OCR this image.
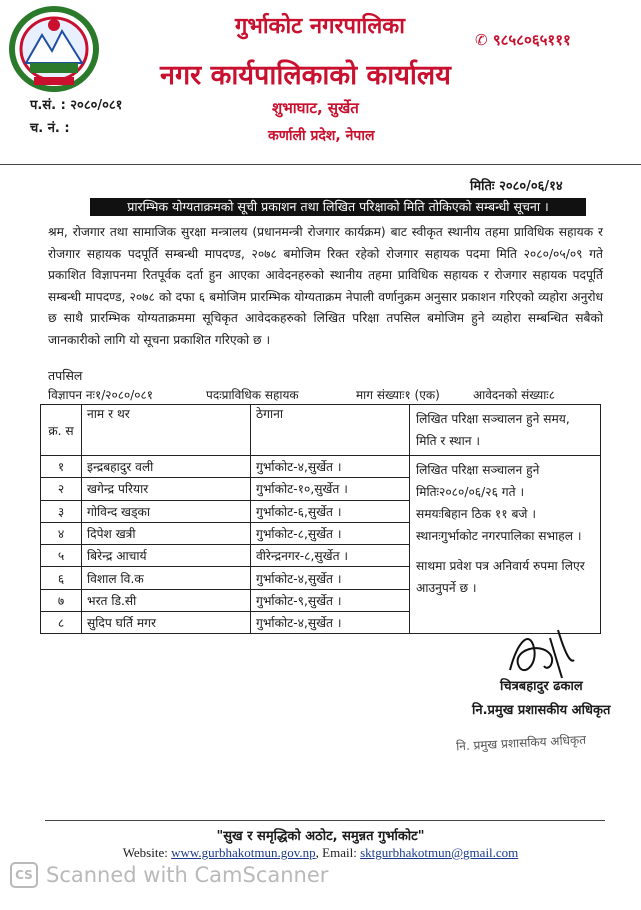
गुर्भाकोट नगरपालिका
नगर कार्यपालिकाको कार्यालय
✆ ९८५८०६५१११
शुभाघाट, सुर्खेत
कर्णाली प्रदेश, नेपाल
प.सं. : २०८०/०८१
च. नं. :
मितिः २०८०/०६/१४
प्रारम्भिक योग्यताक्रमको सूची प्रकाशन तथा लिखित परिक्षाको मिति तोकिएको सम्बन्धी सूचना ।
श्रम, रोजगार तथा सामाजिक सुरक्षा मन्त्रालय (प्रधानमन्त्री रोजगार कार्यक्रम) बाट स्वीकृत स्थानीय तहमा प्राविधिक सहायक र रोजगार सहायक पदपूर्ति सम्बन्धी मापदण्ड, २०७८ बमोजिम रिक्त रहेको रोजगार सहायक पदमा मिति २०८०/०५/०९ गते प्रकाशित विज्ञापनमा रितपूर्वक दर्ता हुन आएका आवेदनहरुको स्थानीय तहमा प्राविधिक सहायक र रोजगार सहायक पदपूर्ति सम्बन्धी मापदण्ड, २०७८ को दफा ६ बमोजिम प्रारम्भिक योग्यताक्रम नेपाली वर्णानुक्रम अनुसार प्रकाशन गरिएको व्यहोरा अनुरोध छ साथै प्रारम्भिक योग्यताक्रममा सूचिकृत आवेदकहरुको लिखित परिक्षा तपसिल बमोजिम हुने व्यहोरा सम्बन्धित सबैको जानकारीको लागि यो सूचना प्रकाशित गरिएको छ ।
तपसिल
विज्ञापन नः१/२०८०/०८१	पदःप्राविधिक सहायक	माग संख्याः१ (एक)	आवेदनको संख्याः८
क्र. स	नाम र थर	ठेगाना	लिखित परिक्षा सञ्चालन हुने समय, मिति र स्थान ।
१	इन्द्रबहादुर वली	गुर्भाकोट-४,सुर्खेत ।	लिखित परिक्षा सञ्चालन हुने मितिः२०८०/०६/२६ गते ।
समयःबिहान ठिक ११ बजे ।
स्थानःगुर्भाकोट नगरपालिका सभाहल ।
साथमा प्रवेश पत्र अनिवार्य रुपमा लिएर आउनुपर्ने छ ।

२	खगेन्द्र परियार	गुर्भाकोट-१०,सुर्खेत ।	
३	गोविन्द खड्का	गुर्भाकोट-६,सुर्खेत ।	
४	दिपेश खत्री	गुर्भाकोट-८,सुर्खेत ।	
५	बिरेन्द्र आचार्य	वीरेन्द्रनगर-८,सुर्खेत ।	
६	विशाल वि.क	गुर्भाकोट-४,सुर्खेत ।	
७	भरत डि.सी	गुर्भाकोट-९,सुर्खेत ।	
८	सुदिप घर्ति मगर	गुर्भाकोट-४,सुर्खेत ।	
चित्रबहादुर ढकाल
नि.प्रमुख प्रशासकीय अधिकृत
नि. प्रमुख प्रशासकिय अधिकृत
"सुख र समृद्धिको अठोट, समुन्नत गुर्भाकोट"
Website: www.gurbhakotmun.gov.np, Email: sktgurbhakotmun@gmail.com
CS Scanned with CamScanner
